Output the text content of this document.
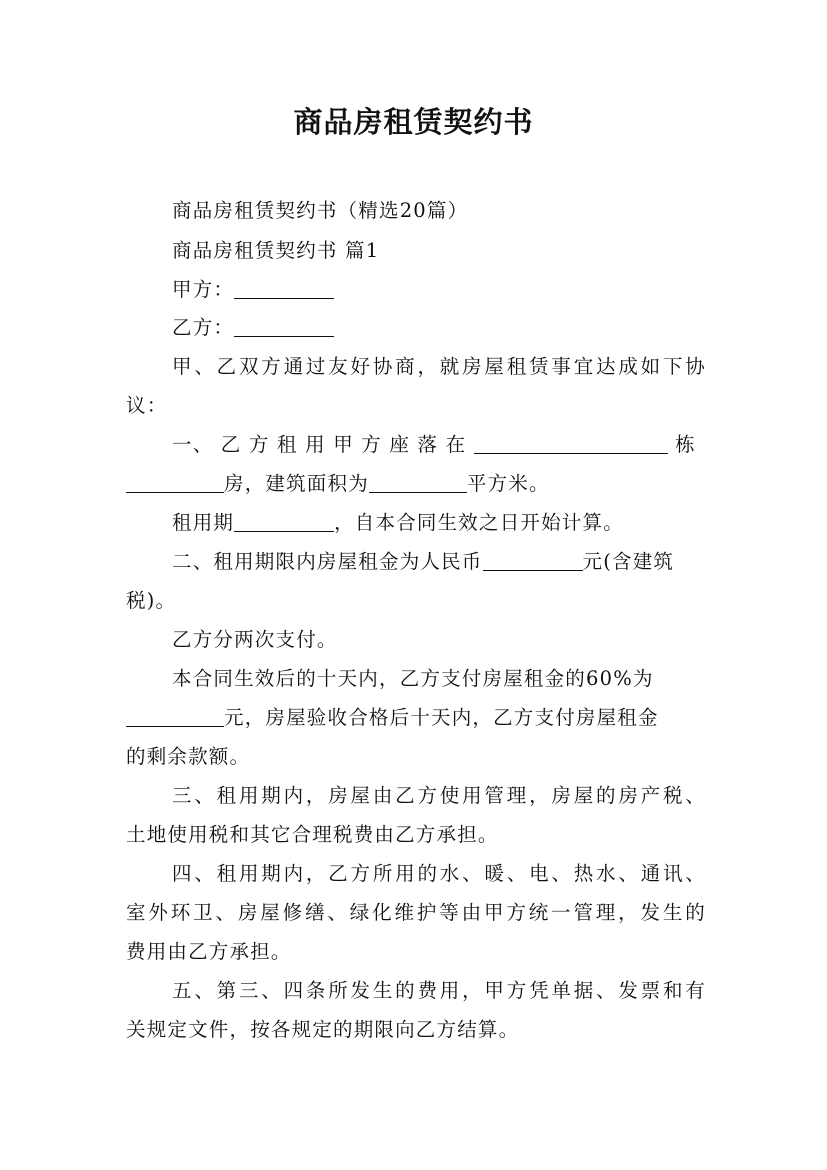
商品房租赁契约书
商品房租赁契约书（精选20篇）
商品房租赁契约书 篇1
甲方：
乙方：
甲、乙双方通过友好协商，就房屋租赁事宜达成如下协
议：
一、 乙 方 租 用 甲 方 座 落 在	栋
房，建筑面积为	平方米。
租用期	，自本合同生效之日开始计算。
二、租用期限内房屋租金为人民币	元(含建筑
税)。
乙方分两次支付。
本合同生效后的十天内，乙方支付房屋租金的60%为
元，房屋验收合格后十天内，乙方支付房屋租金
的剩余款额。
三、租用期内，房屋由乙方使用管理，房屋的房产税、
土地使用税和其它合理税费由乙方承担。
四、租用期内，乙方所用的水、暖、电、热水、通讯、
室外环卫、房屋修缮、绿化维护等由甲方统一管理，发生的
费用由乙方承担。
五、第三、四条所发生的费用，甲方凭单据、发票和有
关规定文件，按各规定的期限向乙方结算。
